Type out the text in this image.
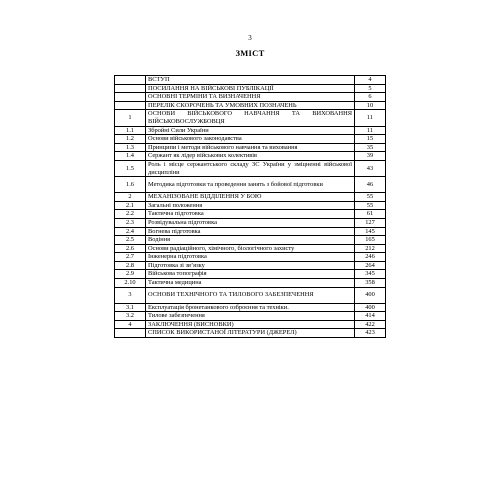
3
ЗМІСТ
	ВСТУП	4
	ПОСИЛАННЯ НА ВІЙСЬКОВІ ПУБЛІКАЦІЇ	5
	ОСНОВНІ ТЕРМІНИ ТА ВИЗНАЧЕННЯ	6
	ПЕРЕЛІК СКОРОЧЕНЬ ТА УМОВНИХ ПОЗНАЧЕНЬ	10
1	ОСНОВИ ВІЙСЬКОВОГО НАВЧАННЯ ТА ВИХОВАННЯ ВІЙСЬКОВОСЛУЖБОВЦЯ	11
1.1	Збройні Сили України	11
1.2	Основи військового законодавства	15
1.3	Принципи і методи військового навчання та виховання	35
1.4	Сержант як лідер військових колективів	39
1.5	Роль і місце сержантського складу ЗС України у зміцненні військової дисципліни	43
1.6	Методика підготовки та проведення занять з бойової підготовки	46
2	МЕХАНІЗОВАНЕ ВІДДІЛЕННЯ У БОЮ	55
2.1	Загальні положення	55
2.2	Тактична підготовка	61
2.3	Розвідувальна підготовка	127
2.4	Вогнева підготовка	145
2.5	Водіння	165
2.6	Основи радіаційного, хімічного, біологічного захисту	212
2.7	Інженерна підготовка	246
2.8	Підготовка зі зв’язку	264
2.9	Військова топографія	345
2.10	Тактична медицина	358
3	ОСНОВИ ТЕХНІЧНОГО ТА ТИЛОВОГО ЗАБЕЗПЕЧЕННЯ	400
3.1	Експлуатація бронетанкового озброєння та техніки.	400
3.2	Тилове забезпечення	414
4	ЗАКЛЮЧЕННЯ (ВИСНОВКИ)	422
	СПИСОК ВИКОРИСТАНОЇ ЛІТЕРАТУРИ (ДЖЕРЕЛ)	423
